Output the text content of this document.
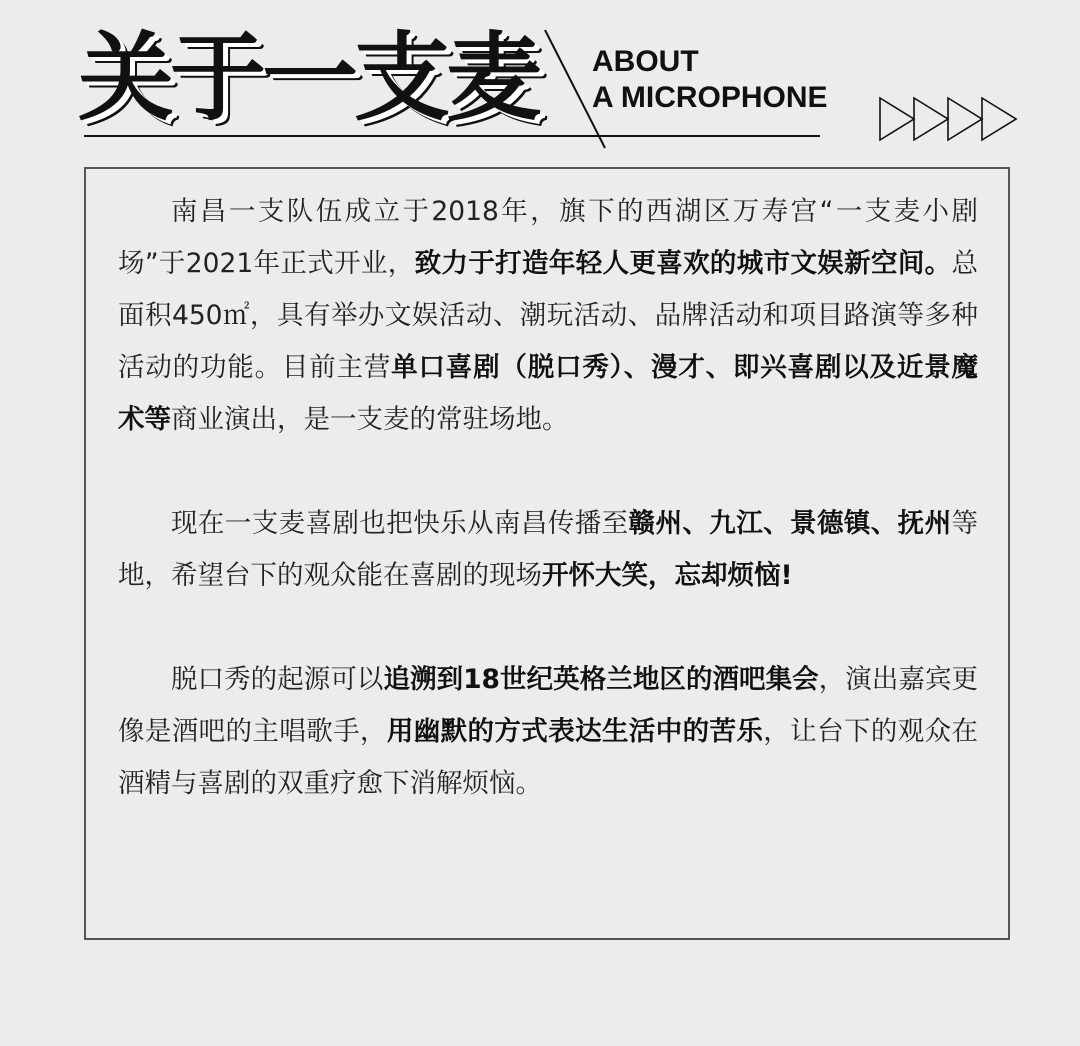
关于一支麦 ABOUT
A MICROPHONE

南昌一支队伍成立于2018年，旗下的西湖区万寿宫“一支麦小剧场”于2021年正式开业，致力于打造年轻人更喜欢的城市文娱新空间。总面积450㎡，具有举办文娱活动、潮玩活动、品牌活动和项目路演等多种活动的功能。目前主营单口喜剧（脱口秀）、漫才、即兴喜剧以及近景魔术等商业演出，是一支麦的常驻场地。

现在一支麦喜剧也把快乐从南昌传播至赣州、九江、景德镇、抚州等地，希望台下的观众能在喜剧的现场开怀大笑，忘却烦恼!

脱口秀的起源可以追溯到18世纪英格兰地区的酒吧集会，演出嘉宾更像是酒吧的主唱歌手，用幽默的方式表达生活中的苦乐，让台下的观众在酒精与喜剧的双重疗愈下消解烦恼。
